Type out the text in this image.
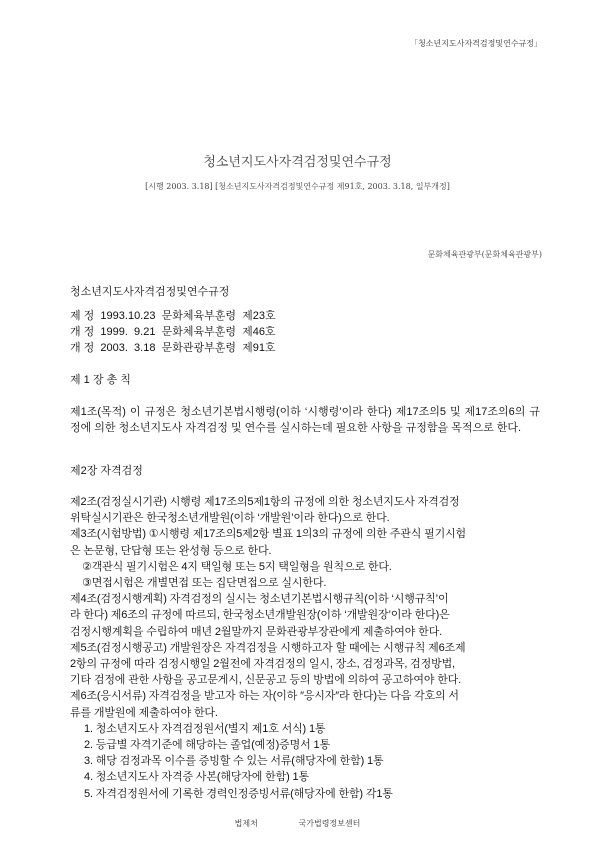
「청소년지도사자격검정및연수규정」
청소년지도사자격검정및연수규정
[시행 2003. 3.18] [청소년지도사자격검정및연수규정 제91호, 2003. 3.18, 일부개정]
문화체육관광부(문화체육관광부)
청소년지도사자격검정및연수규정
제 정  1993.10.23  문화체육부훈령  제23호
개 정  1999.  9.21  문화체육부훈령  제46호
개 정  2003.  3.18  문화관광부훈령  제91호
제 1 장 총 칙
제1조(목적) 이 규정은 청소년기본법시행령(이하 ‘시행령’이라 한다) 제17조의5 및 제17조의6의 규정에 의한 청소년지도사 자격검정 및 연수를 실시하는데 필요한 사항을 규정함을 목적으로 한다.
제2장 자격검정
제2조(검정실시기관) 시행령 제17조의5제1항의 규정에 의한 청소년지도사 자격검정
위탁실시기관은 한국청소년개발원(이하 ‘개발원’이라 한다)으로 한다.
제3조(시험방법) ①시행령 제17조의5제2항 별표 1의3의 규정에 의한 주관식 필기시험
은 논문형, 단답형 또는 완성형 등으로 한다.
②객관식 필기시험은 4지 택일형 또는 5지 택일형을 원칙으로 한다.
③면접시험은 개별면접 또는 집단면접으로 실시한다.
제4조(검정시행계획) 자격검정의 실시는 청소년기본법시행규칙(이하 ‘시행규칙’이
라 한다) 제6조의 규정에 따르되, 한국청소년개발원장(이하 ‘개발원장’이라 한다)은
검정시행계획을 수립하여 매년 2월말까지 문화관광부장관에게 제출하여야 한다.
제5조(검정시행공고) 개발원장은 자격검정을 시행하고자 할 때에는 시행규칙 제6조제
2항의 규정에 따라 검정시행일 2월전에 자격검정의 일시, 장소, 검정과목, 검정방법,
기타 검정에 관한 사항을 공고문게시, 신문공고 등의 방법에 의하여 공고하여야 한다.
제6조(응시서류) 자격검정을 받고자 하는 자(이하 ″응시자″라 한다)는 다음 각호의 서
류를 개발원에 제출하여야 한다.
1. 청소년지도사 자격검정원서(별지 제1호 서식) 1통
2. 등급별 자격기준에 해당하는 졸업(예정)증명서 1통
3. 해당 검정과목 이수를 증빙할 수 있는 서류(해당자에 한함) 1통
4. 청소년지도사 자격증 사본(해당자에 한함) 1통
5. 자격검정원서에 기록한 경력인정증빙서류(해당자에 한함) 각1통
법제처                국가법령정보센터
